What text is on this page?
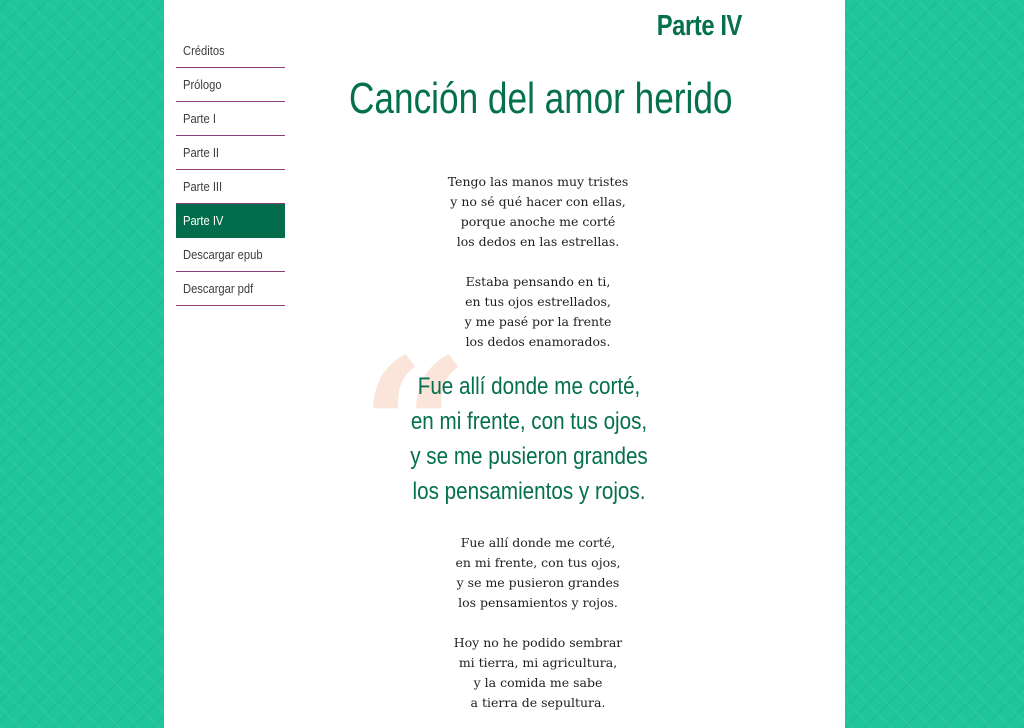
Créditos
Prólogo
Parte I
Parte II
Parte III
Parte IV
Descargar epub
Descargar pdf
Parte IV
Canción del amor herido
Tengo las manos muy tristes
y no sé qué hacer con ellas,
porque anoche me corté
los dedos en las estrellas.
Estaba pensando en ti,
en tus ojos estrellados,
y me pasé por la frente
los dedos enamorados.
“
Fue allí donde me corté,
en mi frente, con tus ojos,
y se me pusieron grandes
los pensamientos y rojos.
Fue allí donde me corté,
en mi frente, con tus ojos,
y se me pusieron grandes
los pensamientos y rojos.
Hoy no he podido sembrar
mi tierra, mi agricultura,
y la comida me sabe
a tierra de sepultura.
